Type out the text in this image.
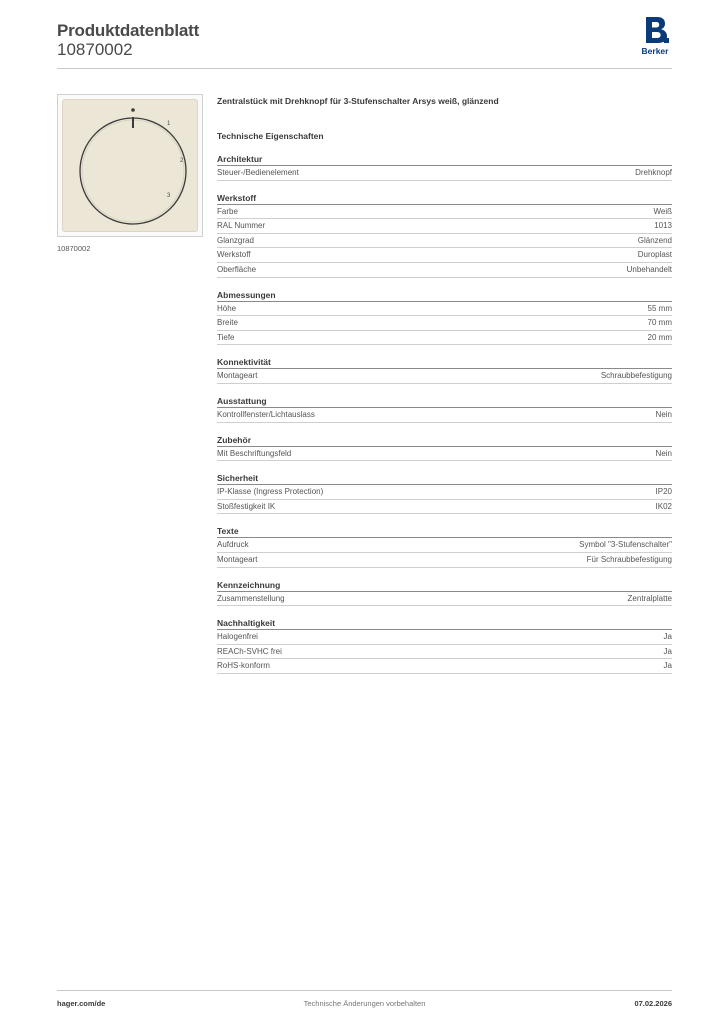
Produktdatenblatt
10870002	Berker
1
2
3
10870002
Zentralstück mit Drehknopf für 3-Stufenschalter Arsys weiß, glänzend
Technische Eigenschaften
Architektur
Steuer-/Bedienelement	Drehknopf
Werkstoff
Farbe	Weiß
RAL Nummer	1013
Glanzgrad	Glänzend
Werkstoff	Duroplast
Oberfläche	Unbehandelt
Abmessungen
Höhe	55 mm
Breite	70 mm
Tiefe	20 mm
Konnektivität
Montageart	Schraubbefestigung
Ausstattung
Kontrollfenster/Lichtauslass	Nein
Zubehör
Mit Beschriftungsfeld	Nein
Sicherheit
IP-Klasse (Ingress Protection)	IP20
Stoßfestigkeit IK	IK02
Texte
Aufdruck	Symbol "3-Stufenschalter"
Montageart	Für Schraubbefestigung
Kennzeichnung
Zusammenstellung	Zentralplatte
Nachhaltigkeit
Halogenfrei	Ja
REACh-SVHC frei	Ja
RoHS-konform	Ja
hager.com/de	Technische Änderungen vorbehalten	07.02.2026
